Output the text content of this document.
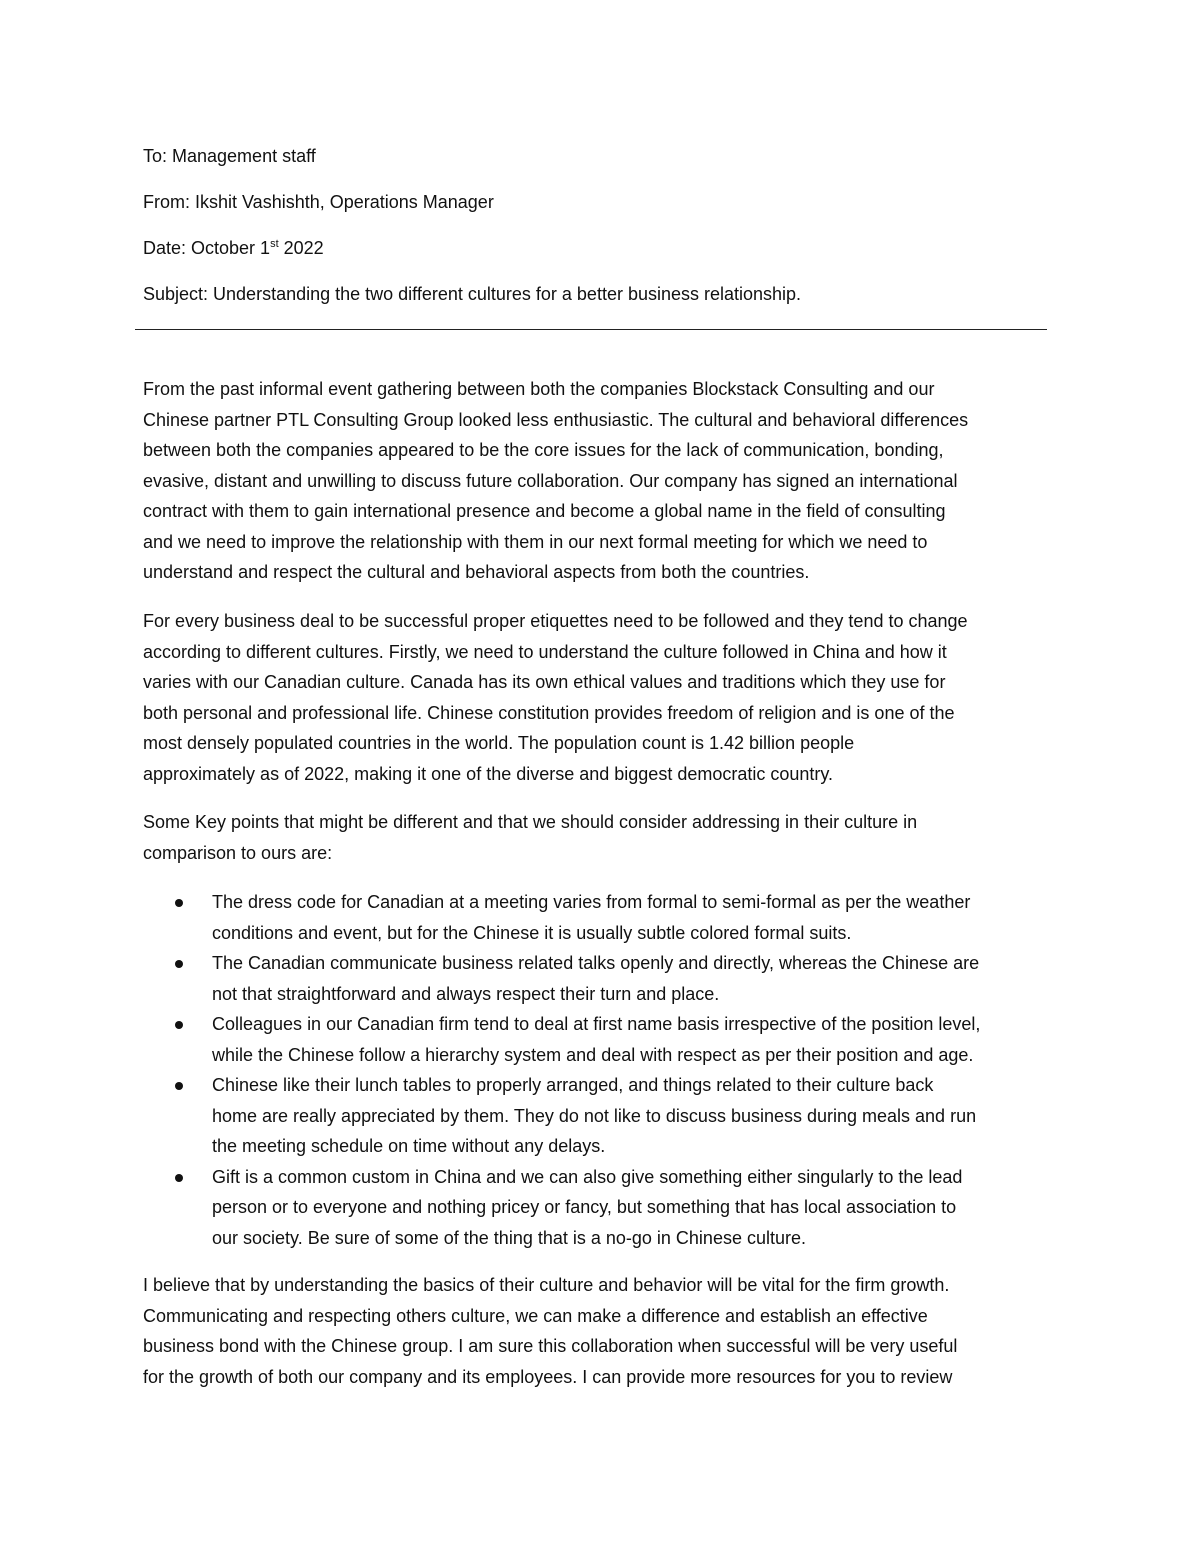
To: Management staff
From: Ikshit Vashishth, Operations Manager
Date: October 1st 2022
Subject: Understanding the two different cultures for a better business relationship.
From the past informal event gathering between both the companies Blockstack Consulting and our
Chinese partner PTL Consulting Group looked less enthusiastic. The cultural and behavioral differences
between both the companies appeared to be the core issues for the lack of communication, bonding,
evasive, distant and unwilling to discuss future collaboration. Our company has signed an international
contract with them to gain international presence and become a global name in the field of consulting
and we need to improve the relationship with them in our next formal meeting for which we need to
understand and respect the cultural and behavioral aspects from both the countries.
For every business deal to be successful proper etiquettes need to be followed and they tend to change
according to different cultures. Firstly, we need to understand the culture followed in China and how it
varies with our Canadian culture. Canada has its own ethical values and traditions which they use for
both personal and professional life. Chinese constitution provides freedom of religion and is one of the
most densely populated countries in the world. The population count is 1.42 billion people
approximately as of 2022, making it one of the diverse and biggest democratic country.
Some Key points that might be different and that we should consider addressing in their culture in
comparison to ours are:
The dress code for Canadian at a meeting varies from formal to semi-formal as per the weather
conditions and event, but for the Chinese it is usually subtle colored formal suits.
The Canadian communicate business related talks openly and directly, whereas the Chinese are
not that straightforward and always respect their turn and place.
Colleagues in our Canadian firm tend to deal at first name basis irrespective of the position level,
while the Chinese follow a hierarchy system and deal with respect as per their position and age.
Chinese like their lunch tables to properly arranged, and things related to their culture back
home are really appreciated by them. They do not like to discuss business during meals and run
the meeting schedule on time without any delays.
Gift is a common custom in China and we can also give something either singularly to the lead
person or to everyone and nothing pricey or fancy, but something that has local association to
our society. Be sure of some of the thing that is a no-go in Chinese culture.
I believe that by understanding the basics of their culture and behavior will be vital for the firm growth.
Communicating and respecting others culture, we can make a difference and establish an effective
business bond with the Chinese group. I am sure this collaboration when successful will be very useful
for the growth of both our company and its employees. I can provide more resources for you to review
